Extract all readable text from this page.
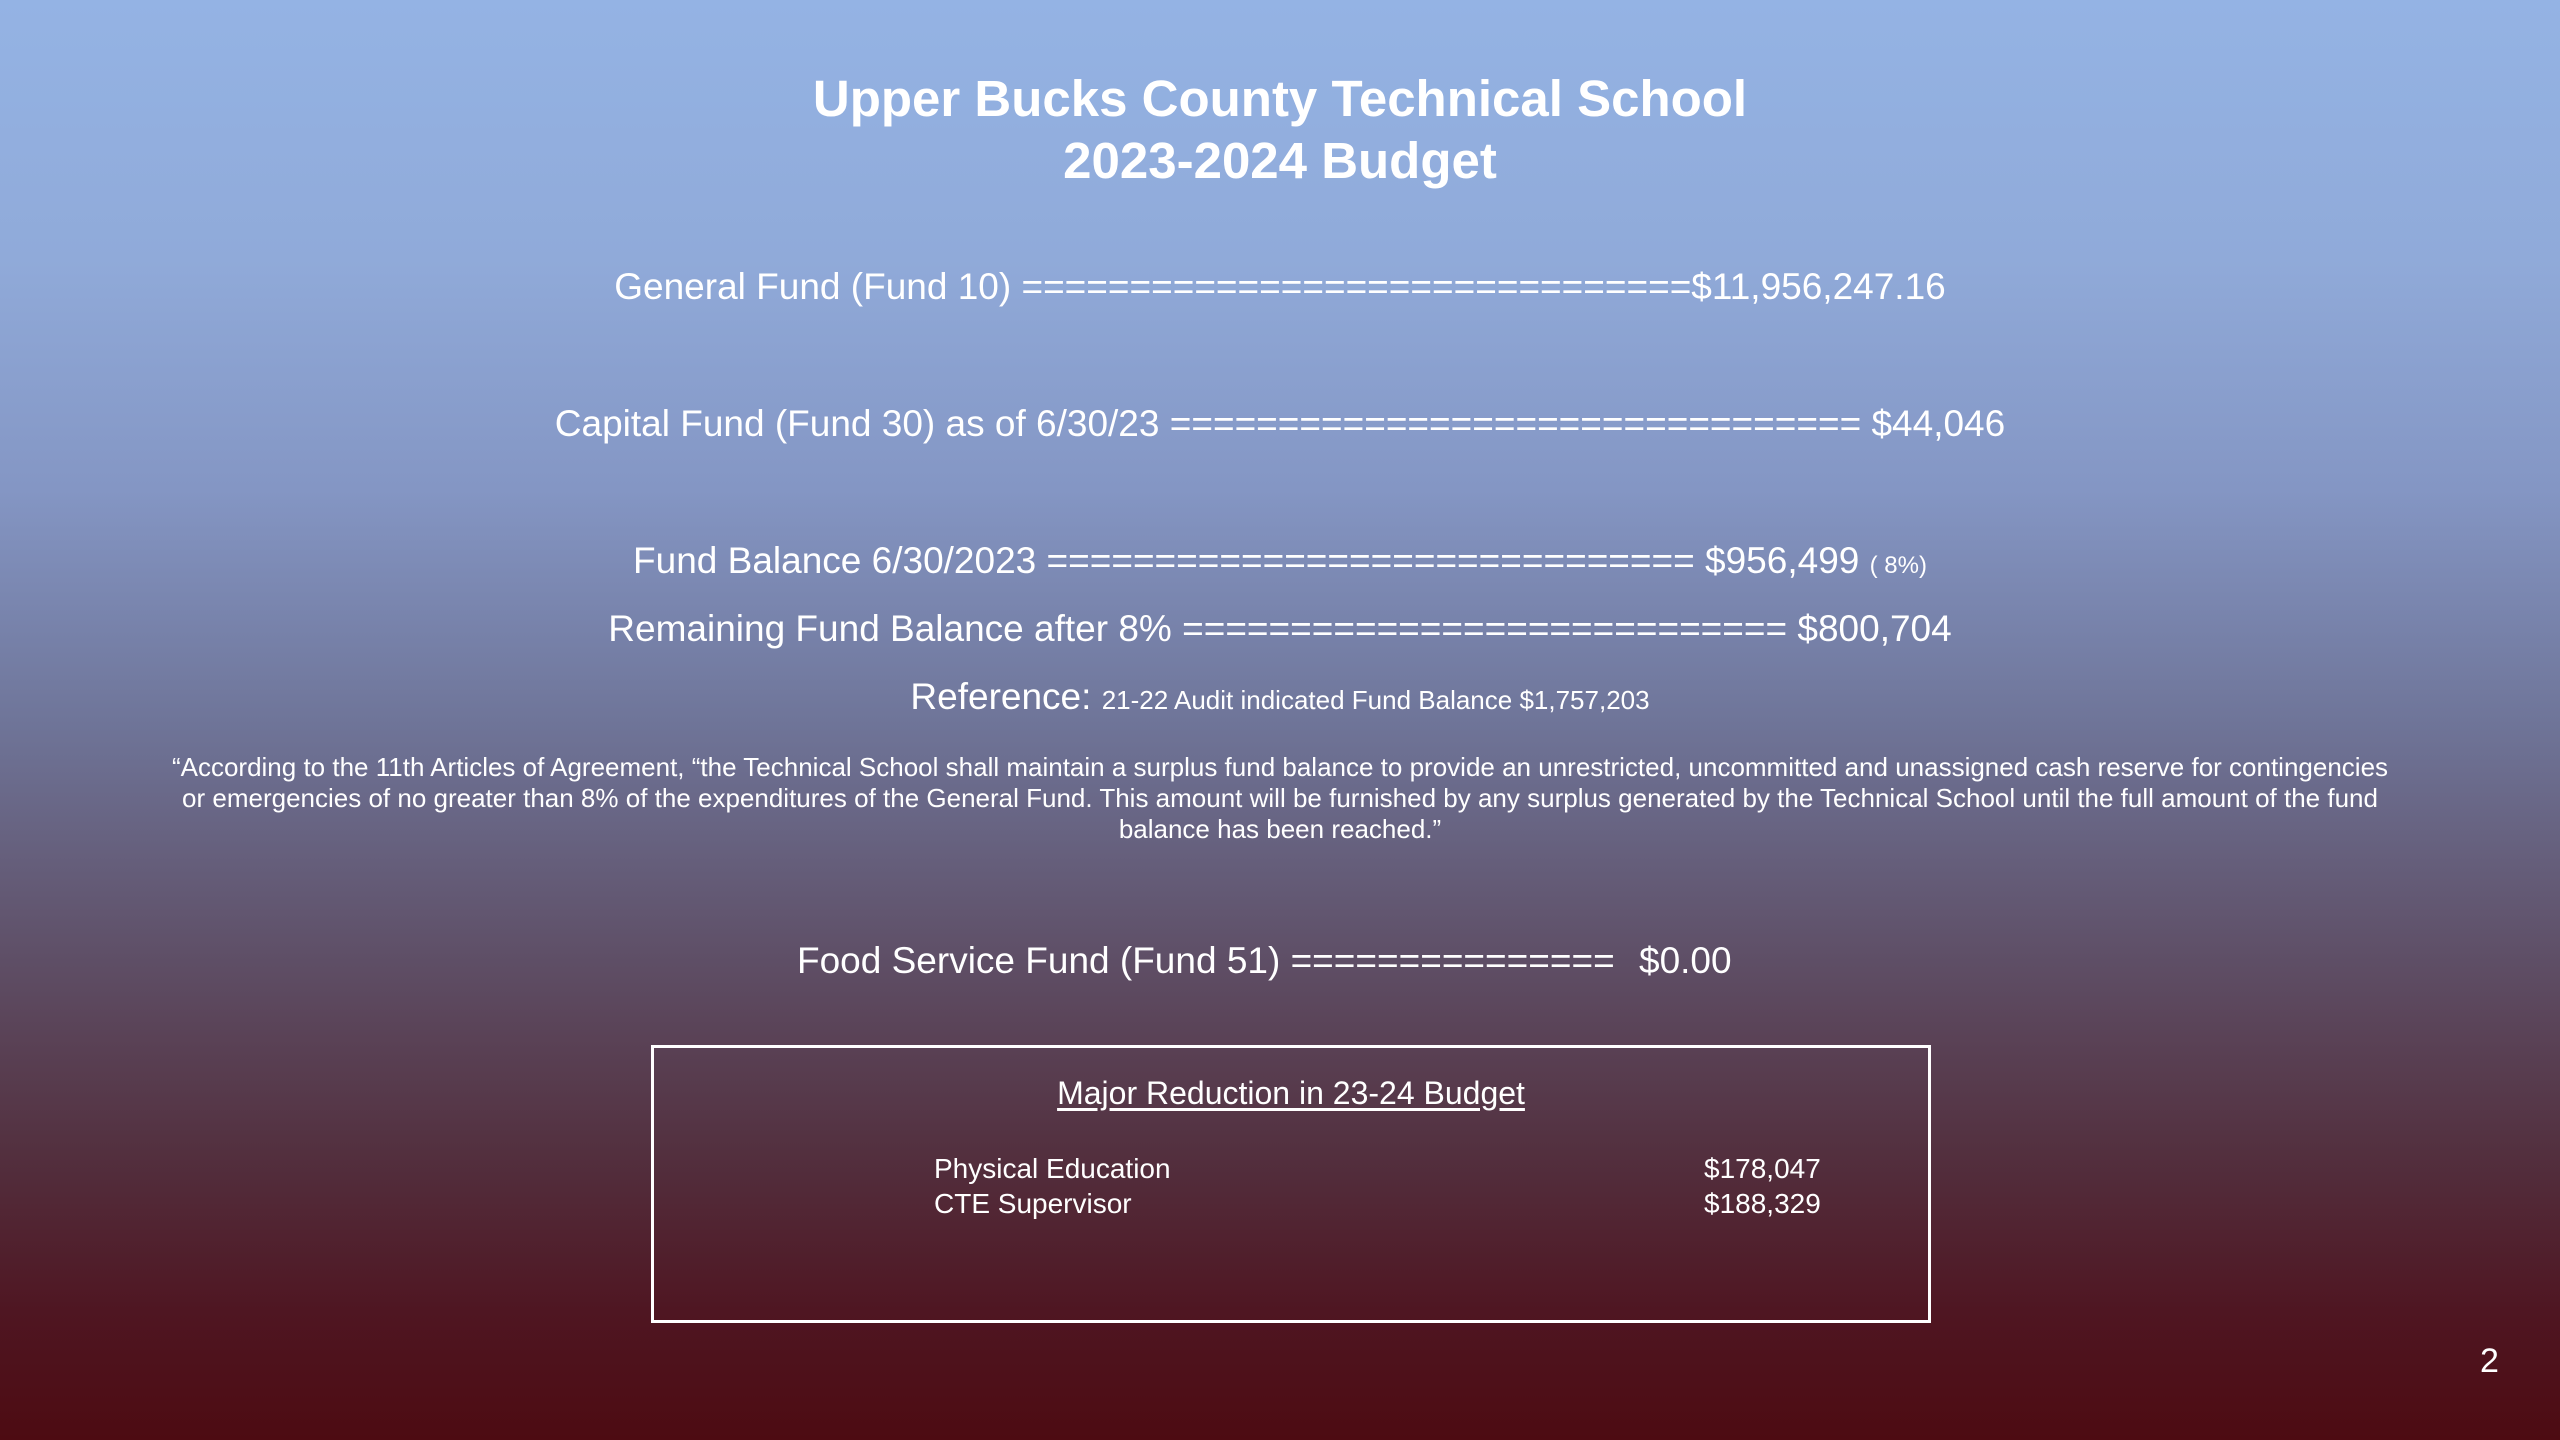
Upper Bucks County Technical School
2023-2024 Budget
General Fund (Fund 10) ===============================$11,956,247.16
Capital Fund (Fund 30) as of 6/30/23 ================================ $44,046
Fund Balance 6/30/2023 ============================== $956,499 ( 8%)
Remaining Fund Balance after 8% ============================ $800,704
Reference: 21-22 Audit indicated Fund Balance $1,757,203

“According to the 11th Articles of Agreement, “the Technical School shall maintain a surplus fund balance to provide an unrestricted, uncommitted and unassigned cash reserve for contingencies or emergencies of no greater than 8% of the expenditures of the General Fund. This amount will be furnished by any surplus generated by the Technical School until the full amount of the fund balance has been reached.”

Food Service Fund (Fund 51) =============== $0.00
Major Reduction in 23-24 Budget
Physical Education	$178,047
CTE Supervisor	$188,329
2
